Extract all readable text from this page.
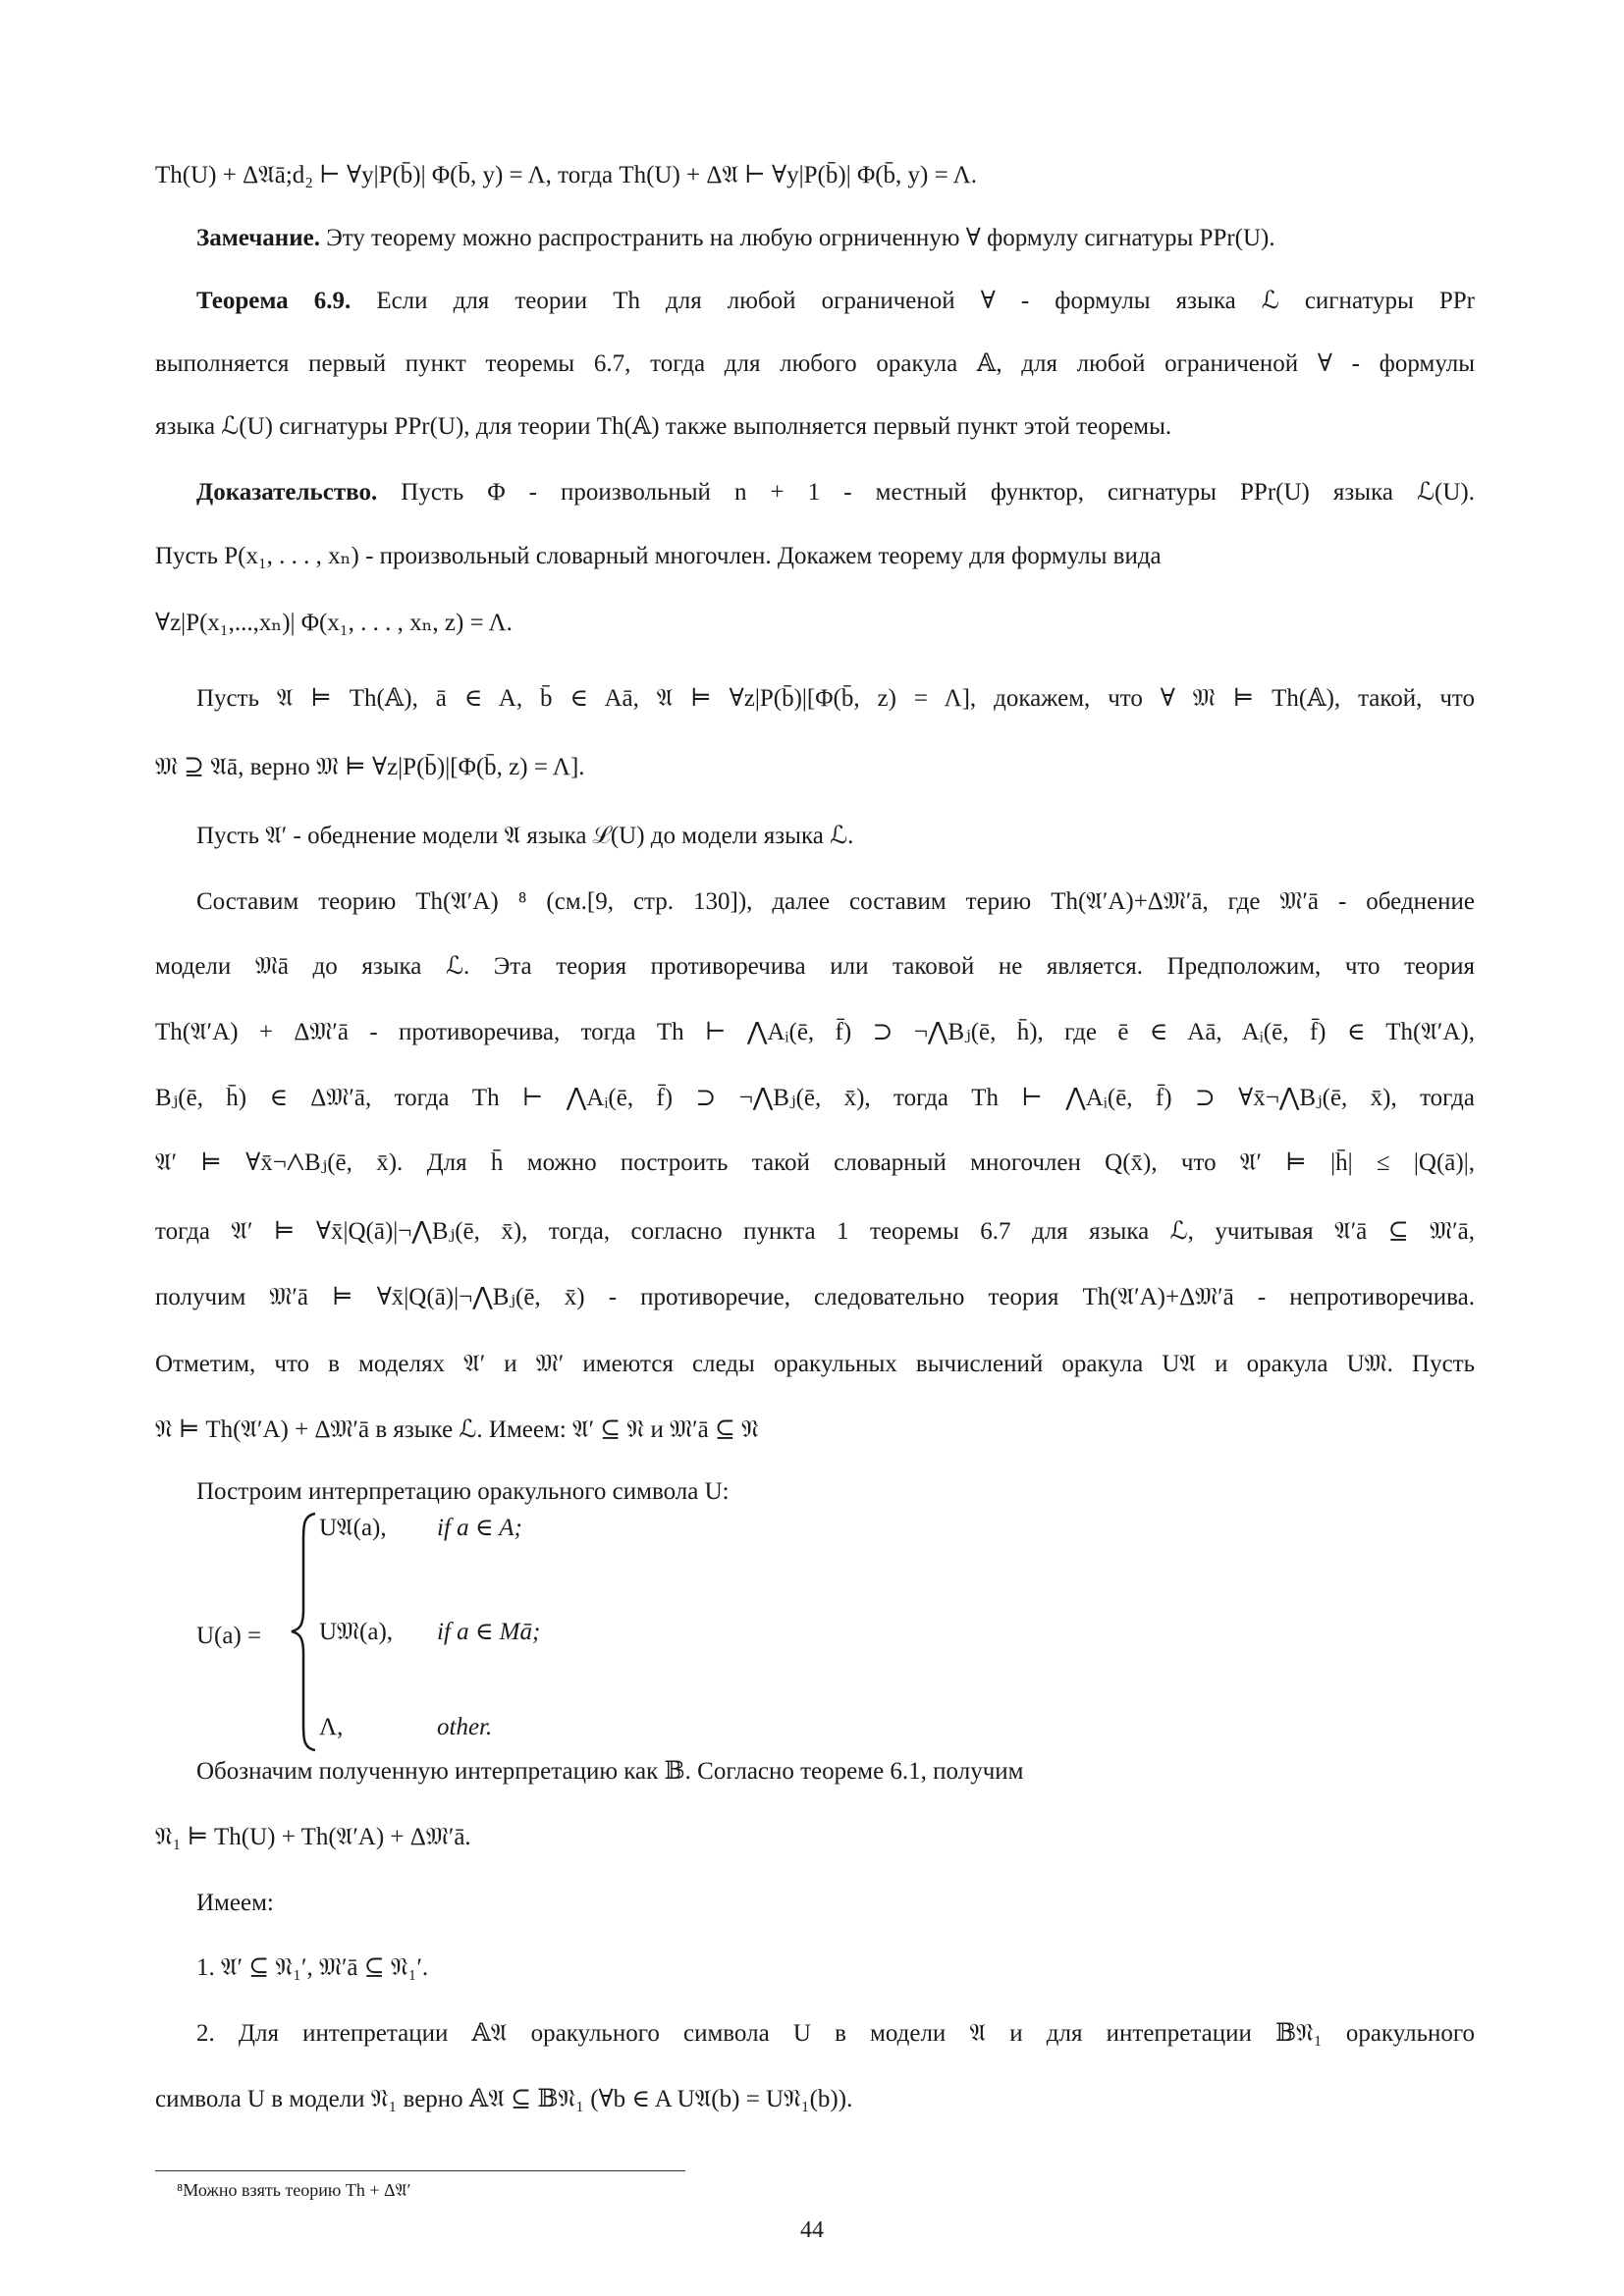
Th(U) + Δ𝔄ā;d₂ ⊢ ∀y|P(b̄)| Φ(b̄, y) = Λ, тогда Th(U) + Δ𝔄 ⊢ ∀y|P(b̄)| Φ(b̄, y) = Λ.
Замечание. Эту теорему можно распространить на любую огрниченную ∀ формулу сигнатуры PPr(U).
Теорема 6.9. Если для теории Th для любой ограниченой ∀ - формулы языка ℒ сигнатуры PPr
выполняется первый пункт теоремы 6.7, тогда для любого оракула 𝔸, для любой ограниченой ∀ - формулы
языка ℒ(U) сигнатуры PPr(U), для теории Th(𝔸) также выполняется первый пункт этой теоремы.
Доказательство. Пусть Φ - произвольный n + 1 - местный функтор, сигнатуры PPr(U) языка ℒ(U).
Пусть P(x₁, . . . , xₙ) - произвольный словарный многочлен. Докажем теорему для формулы вида
∀z|P(x₁,...,xₙ)| Φ(x₁, . . . , xₙ, z) = Λ.
Пусть 𝔄 ⊨ Th(𝔸), ā ∈ A, b̄ ∈ Aā, 𝔄 ⊨ ∀z|P(b̄)|[Φ(b̄, z) = Λ], докажем, что ∀ 𝔐 ⊨ Th(𝔸), такой, что
𝔐 ⊇ 𝔄ā, верно 𝔐 ⊨ ∀z|P(b̄)|[Φ(b̄, z) = Λ].
Пусть 𝔄′ - обеднение модели 𝔄 языка ℒ(U) до модели языка ℒ.
Составим теорию Th(𝔄′A) ⁸ (см.[9, стр. 130]), далее составим терию Th(𝔄′A)+Δ𝔐′ā, где 𝔐′ā - обеднение
модели 𝔐ā до языка ℒ. Эта теория противоречива или таковой не является. Предположим, что теория
Th(𝔄′A) + Δ𝔐′ā - противоречива, тогда Th ⊢ ⋀Aᵢ(ē, f̄) ⊃ ¬⋀Bⱼ(ē, h̄), где ē ∈ Aā, Aᵢ(ē, f̄) ∈ Th(𝔄′A),
Bⱼ(ē, h̄) ∈ Δ𝔐′ā, тогда Th ⊢ ⋀Aᵢ(ē, f̄) ⊃ ¬⋀Bⱼ(ē, x̄), тогда Th ⊢ ⋀Aᵢ(ē, f̄) ⊃ ∀x̄¬⋀Bⱼ(ē, x̄), тогда
𝔄′ ⊨ ∀x̄¬⋀Bⱼ(ē, x̄). Для h̄ можно построить такой словарный многочлен Q(x̄), что 𝔄′ ⊨ |h̄| ≤ |Q(ā)|,
тогда 𝔄′ ⊨ ∀x̄|Q(ā)|¬⋀Bⱼ(ē, x̄), тогда, согласно пункта 1 теоремы 6.7 для языка ℒ, учитывая 𝔄′ā ⊆ 𝔐′ā,
получим 𝔐′ā ⊨ ∀x̄|Q(ā)|¬⋀Bⱼ(ē, x̄) - противоречие, следовательно теория Th(𝔄′A)+Δ𝔐′ā - непротиворечива.
Отметим, что в моделях 𝔄′ и 𝔐′ имеются следы оракульных вычислений оракула U𝔄 и оракула U𝔐. Пусть
𝔑 ⊨ Th(𝔄′A) + Δ𝔐′ā в языке ℒ. Имеем: 𝔄′ ⊆ 𝔑 и 𝔐′ā ⊆ 𝔑
Построим интерпретацию оракульного символа U:
U(a) =
U𝔄(a), if a ∈ A;
U𝔐(a), if a ∈ Mā;
Λ,	other.
Обозначим полученную интерпретацию как 𝔹. Согласно теореме 6.1, получим
𝔑₁ ⊨ Th(U) + Th(𝔄′A) + Δ𝔐′ā.
Имеем:
1. 𝔄′ ⊆ 𝔑₁′, 𝔐′ā ⊆ 𝔑₁′.
2. Для интепретации 𝔸𝔄 оракульного символа U в модели 𝔄 и для интепретации 𝔹𝔑₁ оракульного
символа U в модели 𝔑₁ верно 𝔸𝔄 ⊆ 𝔹𝔑₁ (∀b ∈ A U𝔄(b) = U𝔑₁(b)).
⁸Можно взять теорию Th + Δ𝔄′
44
